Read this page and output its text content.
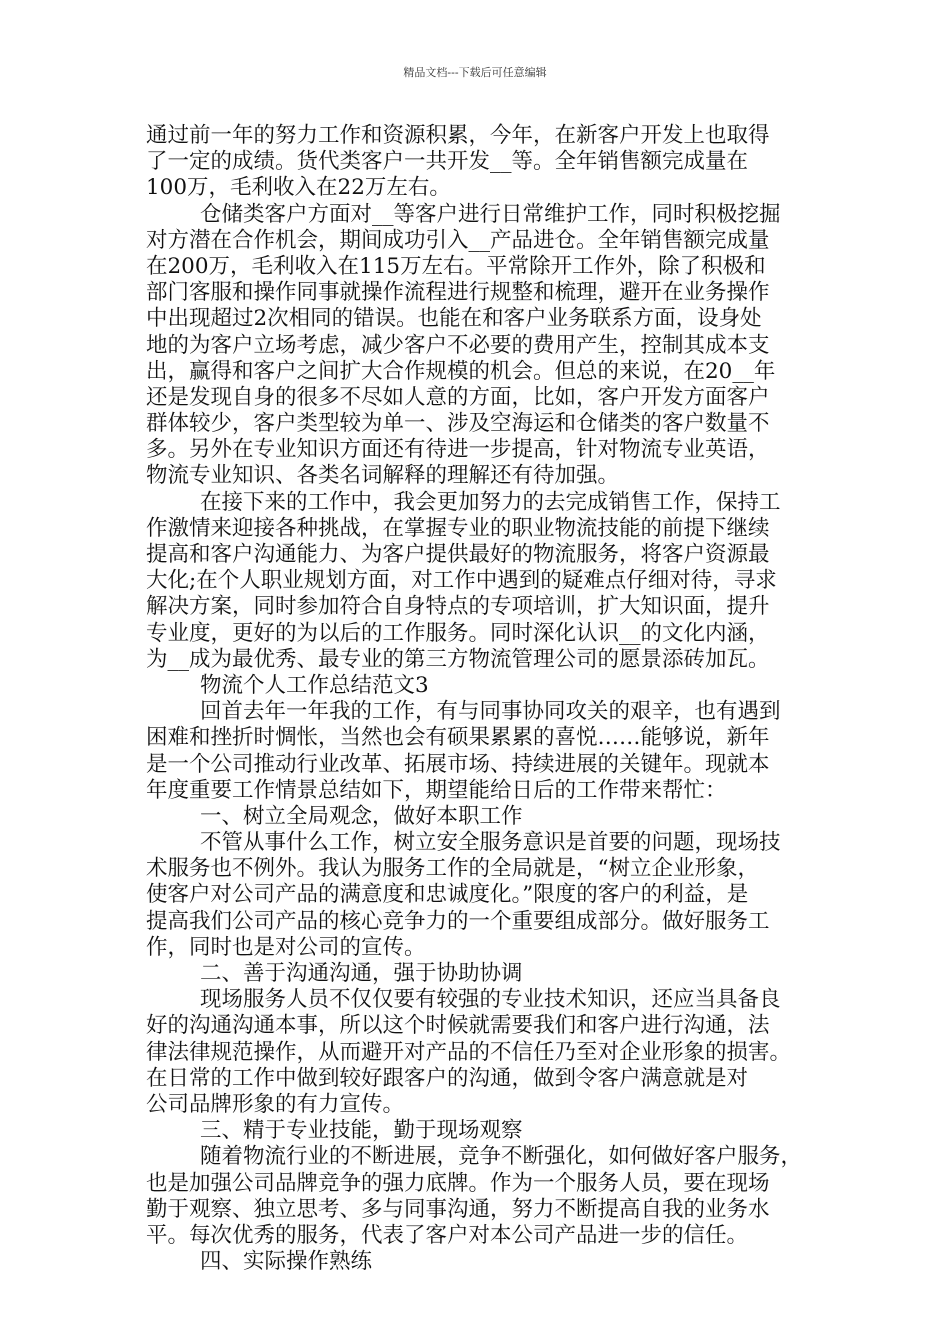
精品文档---下载后可任意编辑
通过前一年的努力工作和资源积累，今年，在新客户开发上也取得
了一定的成绩。货代类客户一共开发__等。全年销售额完成量在
100万，毛利收入在22万左右。
仓储类客户方面对__等客户进行日常维护工作，同时积极挖掘
对方潜在合作机会，期间成功引入__产品进仓。全年销售额完成量
在200万，毛利收入在115万左右。平常除开工作外，除了积极和
部门客服和操作同事就操作流程进行规整和梳理，避开在业务操作
中出现超过2次相同的错误。也能在和客户业务联系方面，设身处
地的为客户立场考虑，减少客户不必要的费用产生，控制其成本支
出，赢得和客户之间扩大合作规模的机会。但总的来说，在20__年
还是发现自身的很多不尽如人意的方面，比如，客户开发方面客户
群体较少，客户类型较为单一、涉及空海运和仓储类的客户数量不
多。另外在专业知识方面还有待进一步提高，针对物流专业英语，
物流专业知识、各类名词解释的理解还有待加强。
在接下来的工作中，我会更加努力的去完成销售工作，保持工
作激情来迎接各种挑战，在掌握专业的职业物流技能的前提下继续
提高和客户沟通能力、为客户提供最好的物流服务，将客户资源最
大化;在个人职业规划方面，对工作中遇到的疑难点仔细对待，寻求
解决方案，同时参加符合自身特点的专项培训，扩大知识面，提升
专业度，更好的为以后的工作服务。同时深化认识__的文化内涵，
为__成为最优秀、最专业的第三方物流管理公司的愿景添砖加瓦。
物流个人工作总结范文3
回首去年一年我的工作，有与同事协同攻关的艰辛，也有遇到
困难和挫折时惆怅，当然也会有硕果累累的喜悦……能够说，新年
是一个公司推动行业改革、拓展市场、持续进展的关键年。现就本
年度重要工作情景总结如下，期望能给日后的工作带来帮忙：
一、树立全局观念，做好本职工作
不管从事什么工作，树立安全服务意识是首要的问题，现场技
术服务也不例外。我认为服务工作的全局就是，“树立企业形象，
使客户对公司产品的满意度和忠诚度化。”限度的客户的利益，是
提高我们公司产品的核心竞争力的一个重要组成部分。做好服务工
作，同时也是对公司的宣传。
二、善于沟通沟通，强于协助协调
现场服务人员不仅仅要有较强的专业技术知识，还应当具备良
好的沟通沟通本事，所以这个时候就需要我们和客户进行沟通，法
律法律规范操作，从而避开对产品的不信任乃至对企业形象的损害。
在日常的工作中做到较好跟客户的沟通，做到令客户满意就是对
公司品牌形象的有力宣传。
三、精于专业技能，勤于现场观察
随着物流行业的不断进展，竞争不断强化，如何做好客户服务，
也是加强公司品牌竞争的强力底牌。作为一个服务人员，要在现场
勤于观察、独立思考、多与同事沟通，努力不断提高自我的业务水
平。每次优秀的服务，代表了客户对本公司产品进一步的信任。
四、实际操作熟练
